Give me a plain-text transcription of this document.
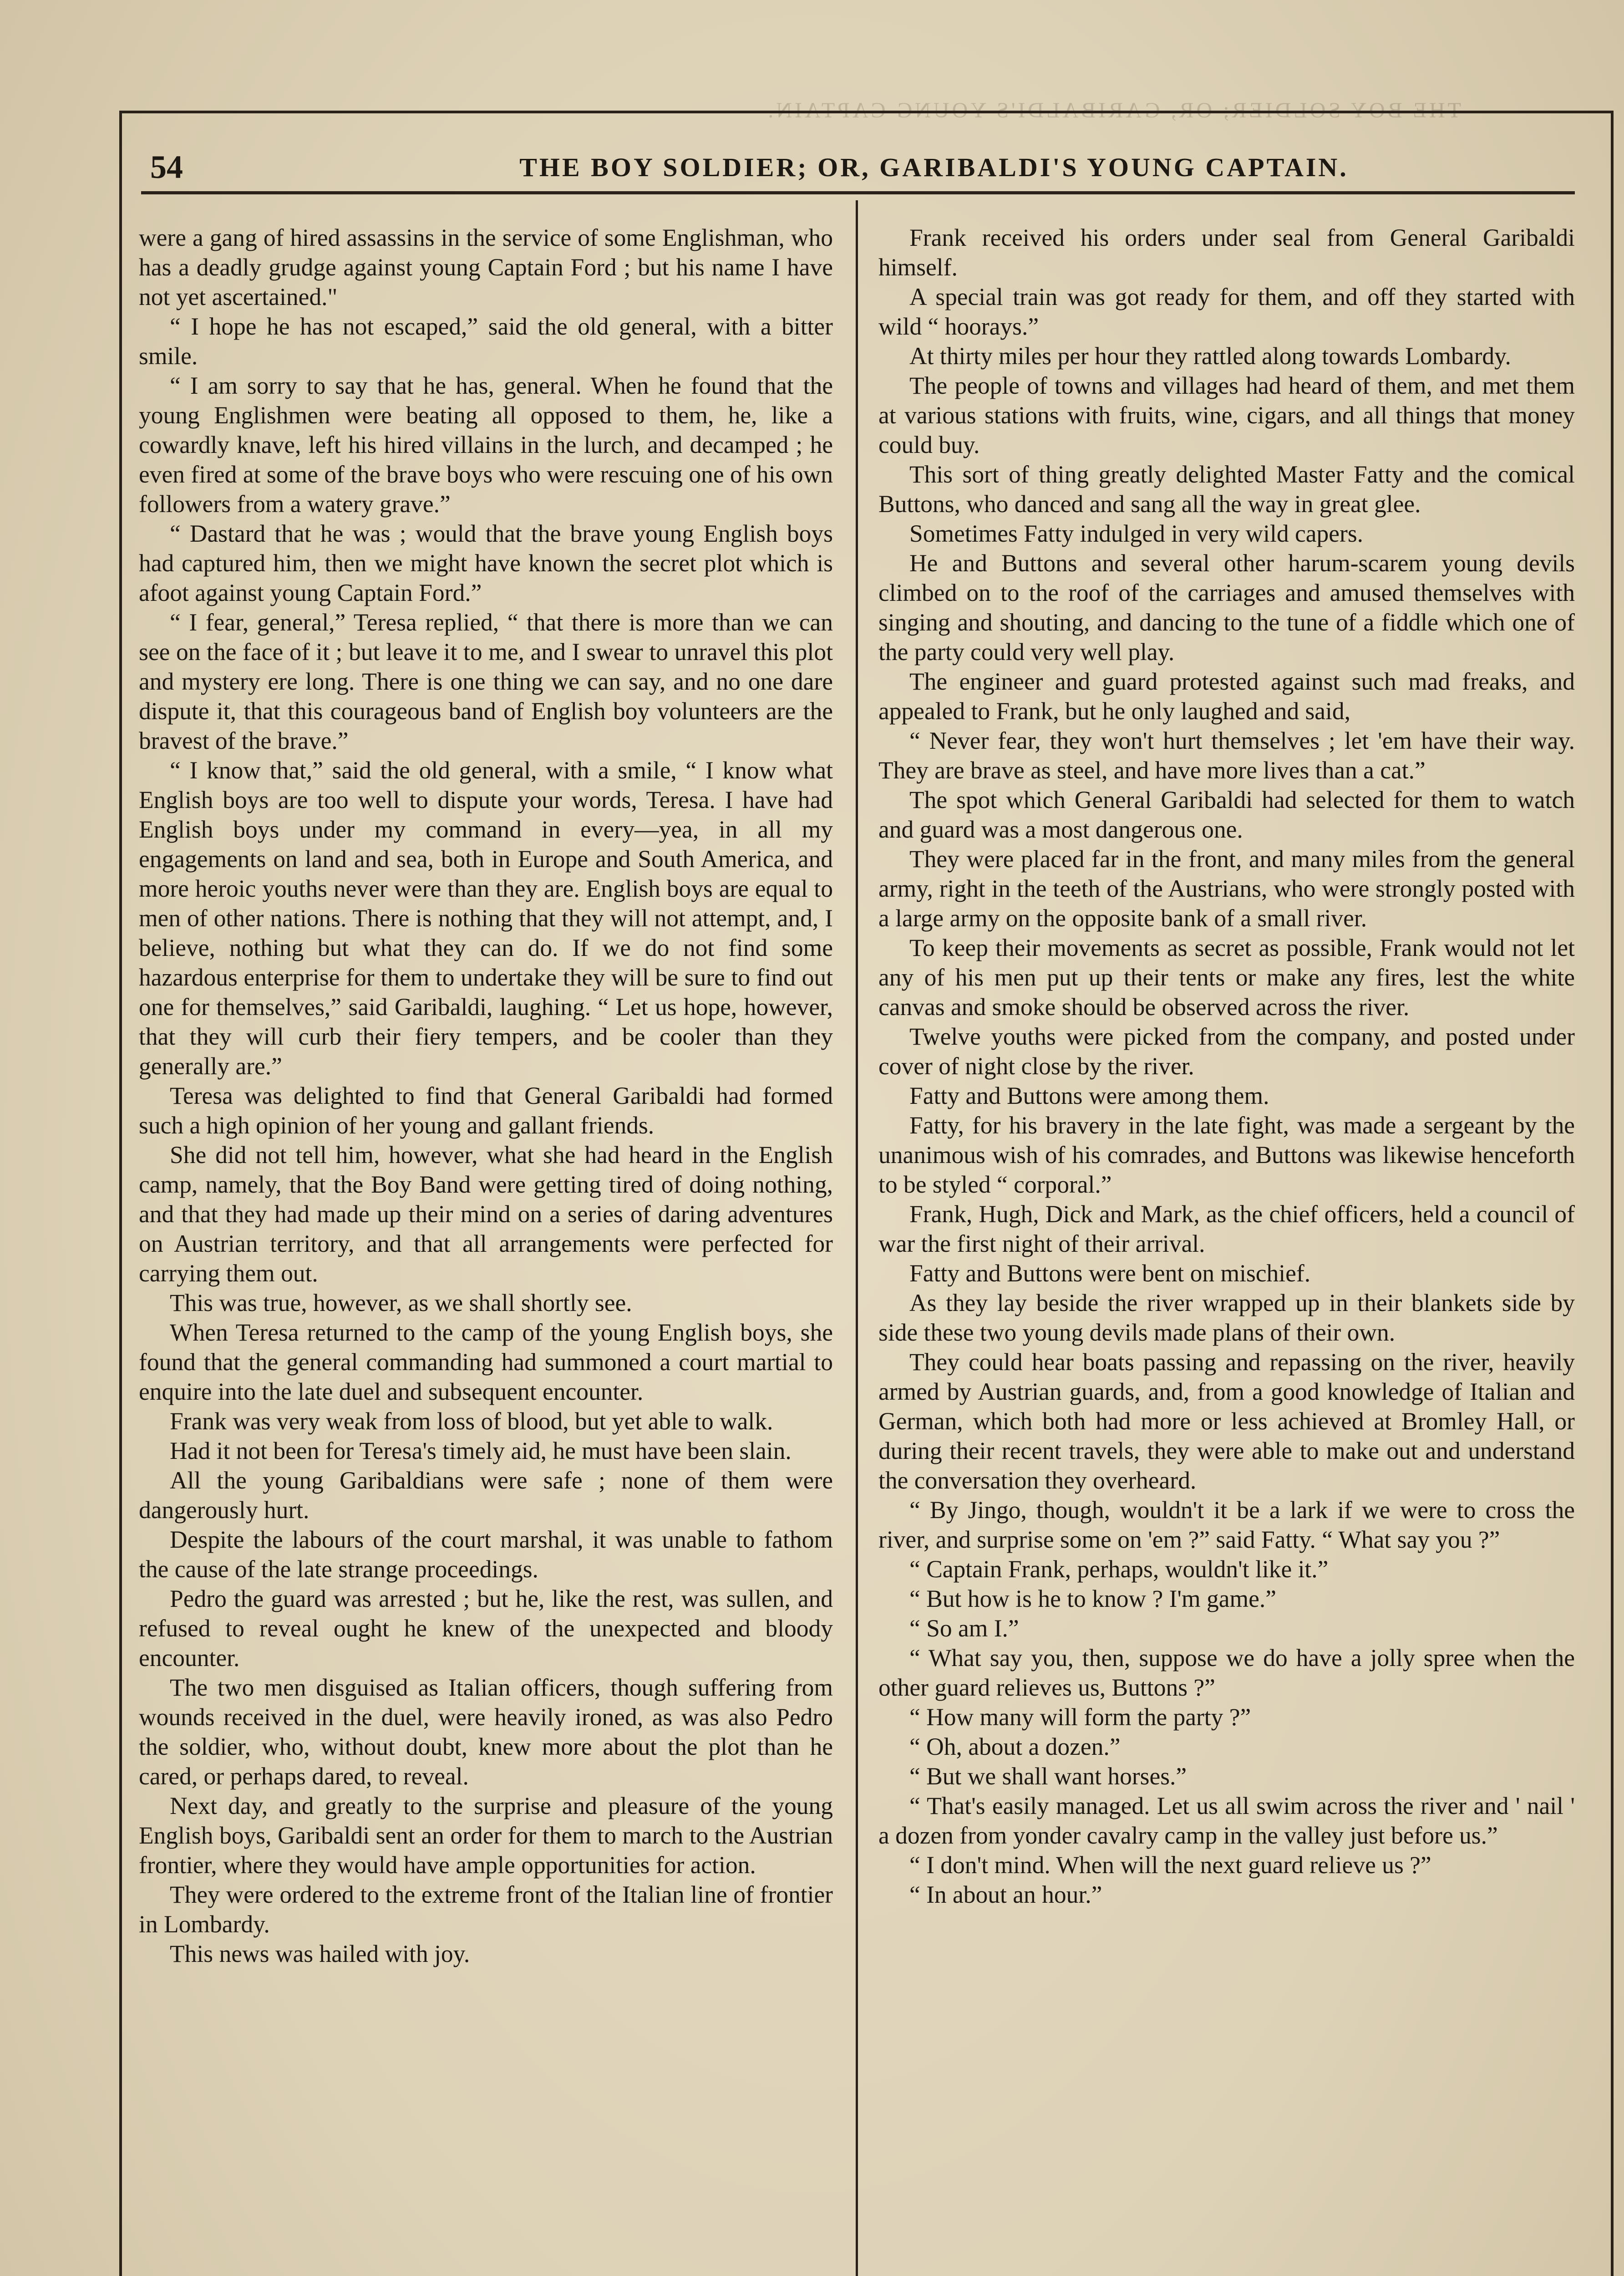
THE BOY SOLDIER; OR, GARIBALDI'S YOUNG CAPTAIN.
54	THE BOY SOLDIER; OR, GARIBALDI'S YOUNG CAPTAIN.

were a gang of hired assassins in the service of some Englishman, who has a deadly grudge against young Captain Ford ; but his name I have not yet ascertained."

“ I hope he has not escaped,” said the old general, with a bitter smile.

“ I am sorry to say that he has, general. When he found that the young Englishmen were beating all opposed to them, he, like a cowardly knave, left his hired villains in the lurch, and decamped ; he even fired at some of the brave boys who were rescuing one of his own followers from a watery grave.”

“ Dastard that he was ; would that the brave young English boys had captured him, then we might have known the secret plot which is afoot against young Captain Ford.”

“ I fear, general,” Teresa replied, “ that there is more than we can see on the face of it ; but leave it to me, and I swear to unravel this plot and mystery ere long. There is one thing we can say, and no one dare dispute it, that this courageous band of English boy volunteers are the bravest of the brave.”

“ I know that,” said the old general, with a smile, “ I know what English boys are too well to dispute your words, Teresa. I have had English boys under my command in every—yea, in all my engagements on land and sea, both in Europe and South America, and more heroic youths never were than they are. English boys are equal to men of other nations. There is nothing that they will not attempt, and, I believe, nothing but what they can do. If we do not find some hazardous enterprise for them to undertake they will be sure to find out one for themselves,” said Garibaldi, laughing. “ Let us hope, however, that they will curb their fiery tempers, and be cooler than they generally are.”

Teresa was delighted to find that General Garibaldi had formed such a high opinion of her young and gallant friends.

She did not tell him, however, what she had heard in the English camp, namely, that the Boy Band were getting tired of doing nothing, and that they had made up their mind on a series of daring adventures on Austrian territory, and that all arrangements were perfected for carrying them out.

This was true, however, as we shall shortly see.

When Teresa returned to the camp of the young English boys, she found that the general commanding had summoned a court martial to enquire into the late duel and subsequent encounter.

Frank was very weak from loss of blood, but yet able to walk.

Had it not been for Teresa's timely aid, he must have been slain.

All the young Garibaldians were safe ; none of them were dangerously hurt.

Despite the labours of the court marshal, it was unable to fathom the cause of the late strange proceedings.

Pedro the guard was arrested ; but he, like the rest, was sullen, and refused to reveal ought he knew of the unexpected and bloody encounter.

The two men disguised as Italian officers, though suffering from wounds received in the duel, were heavily ironed, as was also Pedro the soldier, who, without doubt, knew more about the plot than he cared, or perhaps dared, to reveal.

Next day, and greatly to the surprise and pleasure of the young English boys, Garibaldi sent an order for them to march to the Austrian frontier, where they would have ample opportunities for action.

They were ordered to the extreme front of the Italian line of frontier in Lombardy.

This news was hailed with joy.

Frank received his orders under seal from General Garibaldi himself.

A special train was got ready for them, and off they started with wild “ hoorays.”

At thirty miles per hour they rattled along towards Lombardy.

The people of towns and villages had heard of them, and met them at various stations with fruits, wine, cigars, and all things that money could buy.

This sort of thing greatly delighted Master Fatty and the comical Buttons, who danced and sang all the way in great glee.

Sometimes Fatty indulged in very wild capers.

He and Buttons and several other harum-scarem young devils climbed on to the roof of the carriages and amused themselves with singing and shouting, and dancing to the tune of a fiddle which one of the party could very well play.

The engineer and guard protested against such mad freaks, and appealed to Frank, but he only laughed and said,

“ Never fear, they won't hurt themselves ; let 'em have their way. They are brave as steel, and have more lives than a cat.”

The spot which General Garibaldi had selected for them to watch and guard was a most dangerous one.

They were placed far in the front, and many miles from the general army, right in the teeth of the Austrians, who were strongly posted with a large army on the opposite bank of a small river.

To keep their movements as secret as possible, Frank would not let any of his men put up their tents or make any fires, lest the white canvas and smoke should be observed across the river.

Twelve youths were picked from the company, and posted under cover of night close by the river.

Fatty and Buttons were among them.

Fatty, for his bravery in the late fight, was made a sergeant by the unanimous wish of his comrades, and Buttons was likewise henceforth to be styled “ corporal.”

Frank, Hugh, Dick and Mark, as the chief officers, held a council of war the first night of their arrival.

Fatty and Buttons were bent on mischief.

As they lay beside the river wrapped up in their blankets side by side these two young devils made plans of their own.

They could hear boats passing and repassing on the river, heavily armed by Austrian guards, and, from a good knowledge of Italian and German, which both had more or less achieved at Bromley Hall, or during their recent travels, they were able to make out and understand the conversation they overheard.

“ By Jingo, though, wouldn't it be a lark if we were to cross the river, and surprise some on 'em ?” said Fatty. “ What say you ?”

“ Captain Frank, perhaps, wouldn't like it.”

“ But how is he to know ? I'm game.”

“ So am I.”

“ What say you, then, suppose we do have a jolly spree when the other guard relieves us, Buttons ?”

“ How many will form the party ?”

“ Oh, about a dozen.”

“ But we shall want horses.”

“ That's easily managed. Let us all swim across the river and ' nail ' a dozen from yonder cavalry camp in the valley just before us.”

“ I don't mind. When will the next guard relieve us ?”

“ In about an hour.”
